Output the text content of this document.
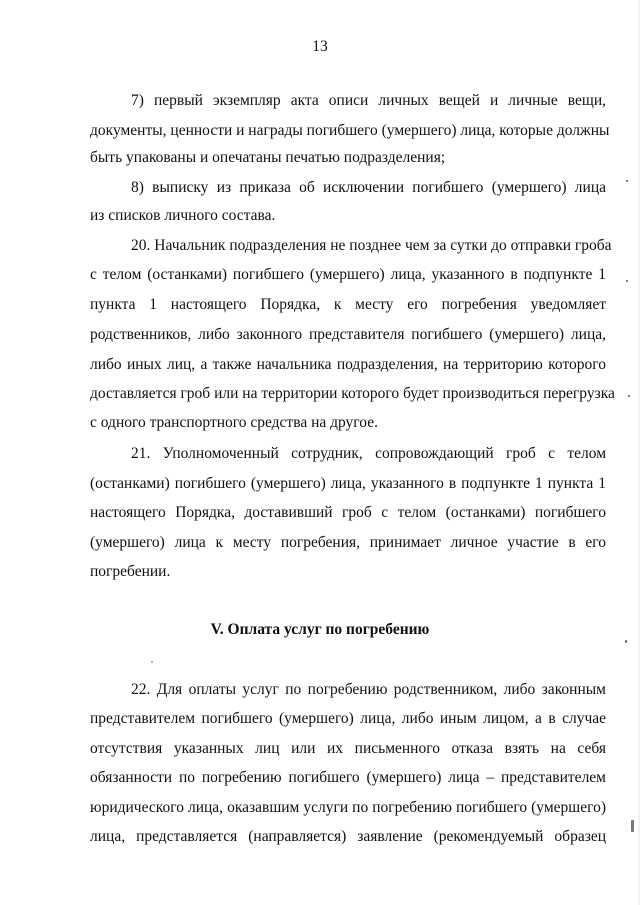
13
7) первый экземпляр акта описи личных вещей и личные вещи,
документы, ценности и награды погибшего (умершего) лица, которые должны
быть упакованы и опечатаны печатью подразделения;
8) выписку из приказа об исключении погибшего (умершего) лица
из списков личного состава.
20. Начальник подразделения не позднее чем за сутки до отправки гроба
с телом (останками) погибшего (умершего) лица, указанного в подпункте 1
пункта 1 настоящего Порядка, к месту его погребения уведомляет
родственников, либо законного представителя погибшего (умершего) лица,
либо иных лиц, а также начальника подразделения, на территорию которого
доставляется гроб или на территории которого будет производиться перегрузка
с одного транспортного средства на другое.
21. Уполномоченный сотрудник, сопровождающий гроб с телом
(останками) погибшего (умершего) лица, указанного в подпункте 1 пункта 1
настоящего Порядка, доставивший гроб с телом (останками) погибшего
(умершего) лица к месту погребения, принимает личное участие в его
погребении.
V. Оплата услуг по погребению
22. Для оплаты услуг по погребению родственником, либо законным
представителем погибшего (умершего) лица, либо иным лицом, а в случае
отсутствия указанных лиц или их письменного отказа взять на себя
обязанности по погребению погибшего (умершего) лица – представителем
юридического лица, оказавшим услуги по погребению погибшего (умершего)
лица, представляется (направляется) заявление (рекомендуемый образец
